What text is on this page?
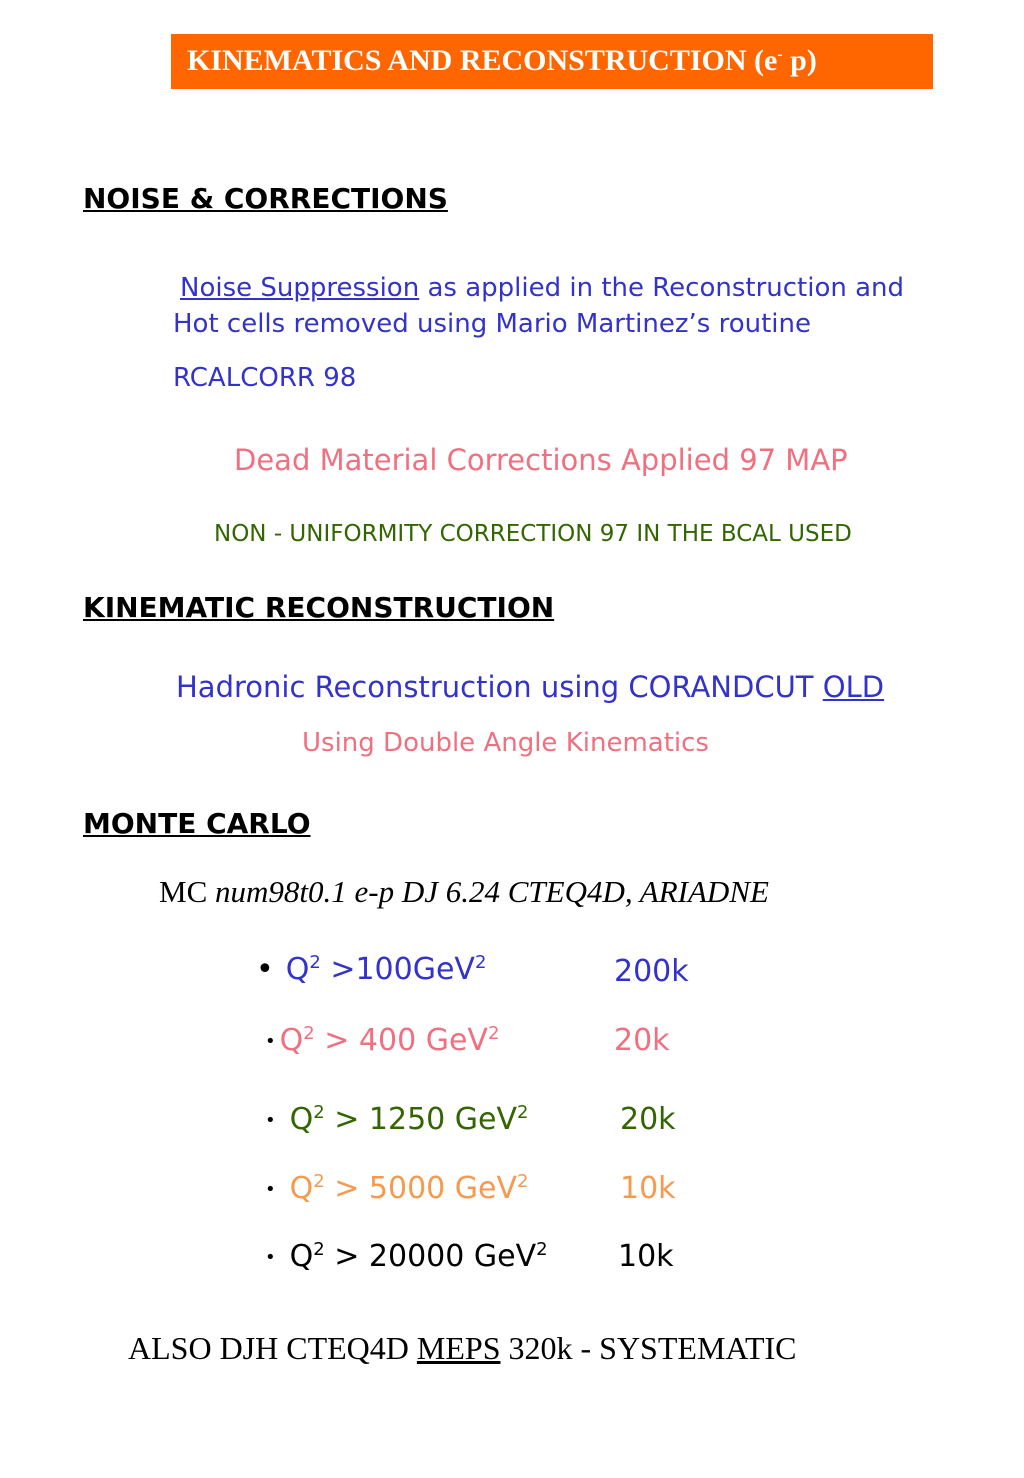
KINEMATICS AND RECONSTRUCTION (e- p)
NOISE & CORRECTIONS
Noise Suppression as applied in the Reconstruction and
Hot cells removed using Mario Martinez’s routine
RCALCORR 98
Dead Material Corrections Applied 97 MAP
NON - UNIFORMITY CORRECTION 97 IN THE BCAL USED
KINEMATIC RECONSTRUCTION
Hadronic Reconstruction using CORANDCUT OLD
Using Double Angle Kinematics
MONTE CARLO
MC num98t0.1 e-p DJ 6.24 CTEQ4D, ARIADNE
• $Q^2 >100GeV^2$	200k
• $Q^2 > 400$ GeV$^2$	20k
• $Q^2 > 1250$ GeV$^2$	20k
• $Q^2 > 5000$ GeV$^2$	10k
• $Q^2 > 20000$ GeV$^2$ 10k
ALSO DJH CTEQ4D MEPS 320k - SYSTEMATIC
